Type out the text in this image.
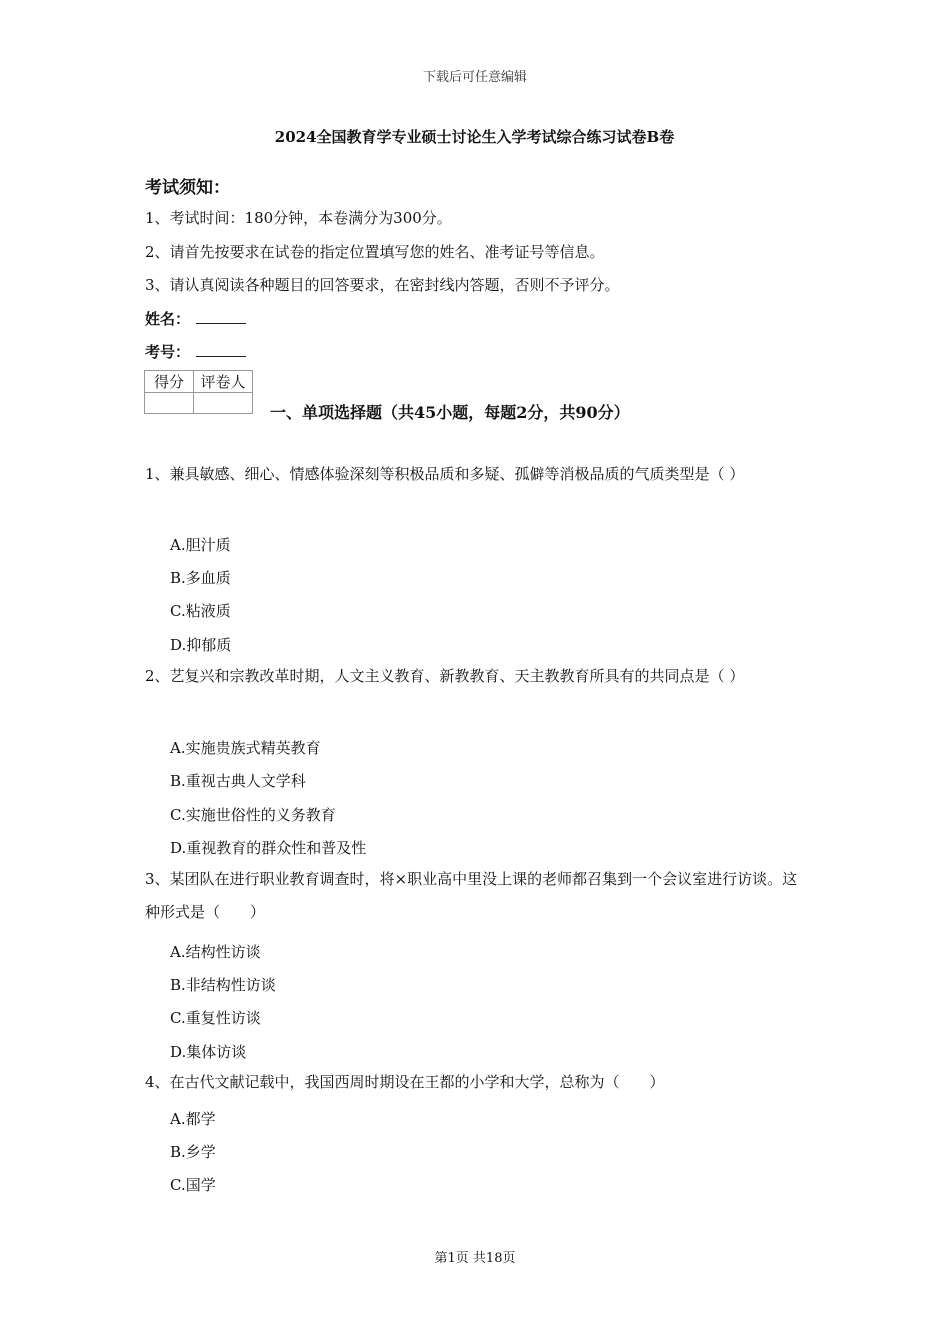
下载后可任意编辑
2024全国教育学专业硕士讨论生入学考试综合练习试卷B卷
考试须知：
1、考试时间：180分钟，本卷满分为300分。
2、请首先按要求在试卷的指定位置填写您的姓名、准考证号等信息。
3、请认真阅读各种题目的回答要求，在密封线内答题，否则不予评分。
姓名：
考号：
得分	评卷人

一、单项选择题（共45小题，每题2分，共90分）
1、兼具敏感、细心、情感体验深刻等积极品质和多疑、孤僻等消极品质的气质类型是（ ）
A.胆汁质
B.多血质
C.粘液质
D.抑郁质
2、艺复兴和宗教改革时期，人文主义教育、新教教育、天主教教育所具有的共同点是（ ）
A.实施贵族式精英教育
B.重视古典人文学科
C.实施世俗性的义务教育
D.重视教育的群众性和普及性
3、某团队在进行职业教育调查时，将×职业高中里没上课的老师都召集到一个会议室进行访谈。这种形式是（　　）
A.结构性访谈
B.非结构性访谈
C.重复性访谈
D.集体访谈
4、在古代文献记载中，我国西周时期设在王都的小学和大学，总称为（　　）
A.都学
B.乡学
C.国学
第1页 共18页
